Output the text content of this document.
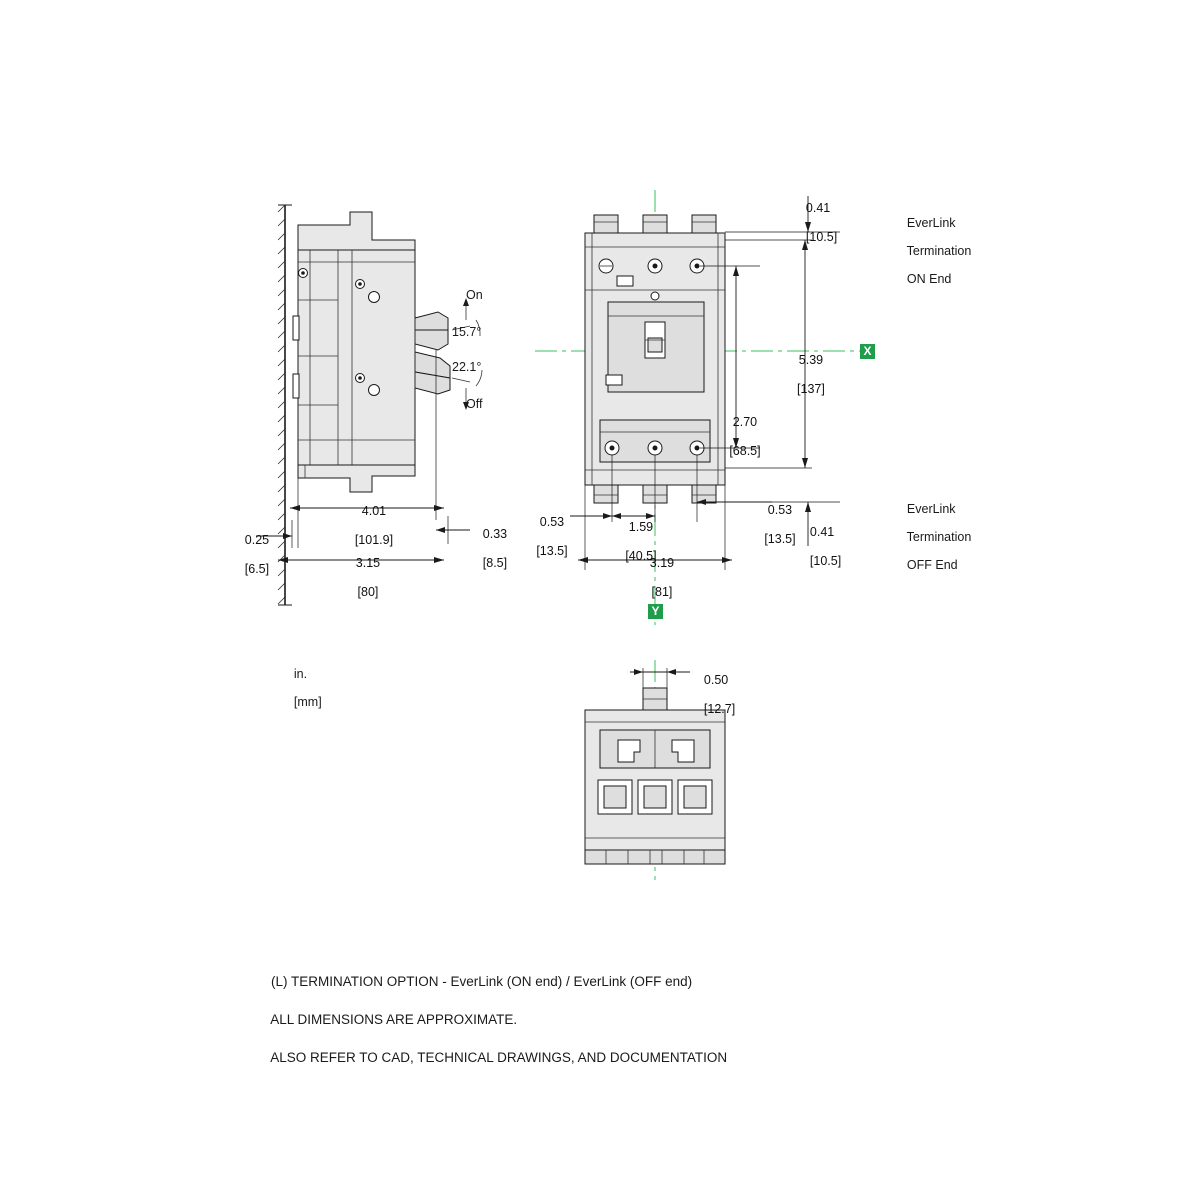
On
Off
15.7°
22.1°

4.01

[101.9]

3.15

[80]

0.25

[6.5]

0.33

[8.5]

in.

[mm]

0.41

[10.5]

5.39

[137]

2.70

[68.5]

0.41

[10.5]

0.53

[13.5]

1.59

[40.5]

0.53

[13.5]

3.19

[81]

EverLink

Termination

ON End

EverLink

Termination

OFF End

X
Y

0.50

[12.7]

(L) TERMINATION OPTION - EverLink (ON end) / EverLink (OFF end)

ALL DIMENSIONS ARE APPROXIMATE.

ALSO REFER TO CAD, TECHNICAL DRAWINGS, AND DOCUMENTATION
